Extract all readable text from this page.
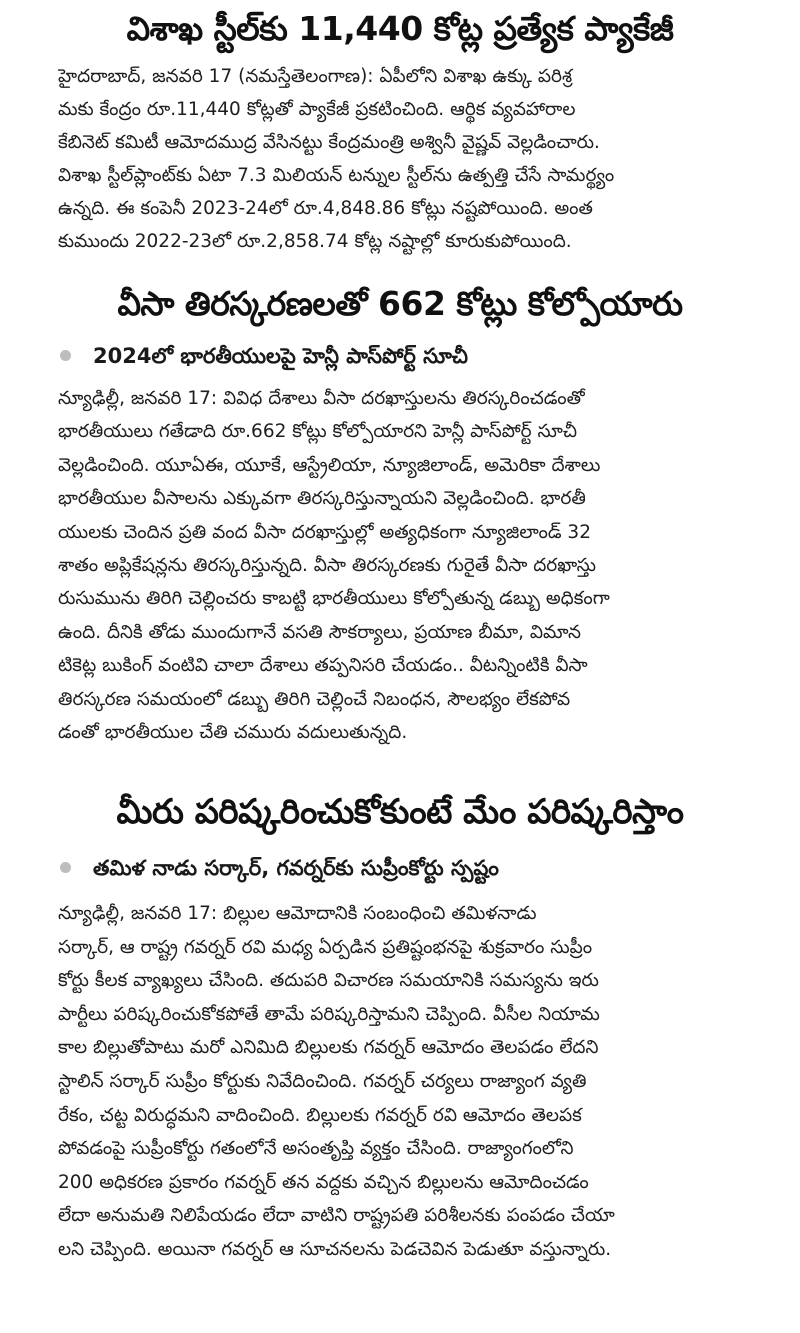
విశాఖ స్టీల్‌కు 11,440 కోట్ల ప్రత్యేక ప్యాకేజీ
హైదరాబాద్, జనవరి 17 (నమస్తేతెలంగాణ): ఏపీలోని విశాఖ ఉక్కు పరిశ్ర
మకు కేంద్రం రూ.11,440 కోట్లతో ప్యాకేజీ ప్రకటించింది. ఆర్థిక వ్యవహారాల
కేబినెట్ కమిటీ ఆమోదముద్ర వేసినట్టు కేంద్రమంత్రి అశ్వినీ వైష్ణవ్ వెల్లడించారు.
విశాఖ స్టీల్‌ప్లాంట్‌కు ఏటా 7.3 మిలియన్ టన్నుల స్టీల్‌ను ఉత్పత్తి చేసే సామర్థ్యం
ఉన్నది. ఈ కంపెనీ 2023-24లో రూ.4,848.86 కోట్లు నష్టపోయింది. అంత
కుముందు 2022-23లో రూ.2,858.74 కోట్ల నష్టాల్లో కూరుకుపోయింది.
వీసా తిరస్కరణలతో 662 కోట్లు కోల్పోయారు
2024లో భారతీయులపై హెన్లీ పాస్‌పోర్ట్ సూచీ
న్యూఢిల్లీ, జనవరి 17: వివిధ దేశాలు వీసా దరఖాస్తులను తిరస్కరించడంతో
భారతీయులు గతేడాది రూ.662 కోట్లు కోల్పోయారని హెన్లీ పాస్‌పోర్ట్ సూచీ
వెల్లడించింది. యూఏఈ, యూకే, ఆస్ట్రేలియా, న్యూజిలాండ్, అమెరికా దేశాలు
భారతీయుల వీసాలను ఎక్కువగా తిరస్కరిస్తున్నాయని వెల్లడించింది. భారతీ
యులకు చెందిన ప్రతి వంద వీసా దరఖాస్తుల్లో అత్యధికంగా న్యూజిలాండ్ 32
శాతం అప్లికేషన్లను తిరస్కరిస్తున్నది. వీసా తిరస్కరణకు గురైతే వీసా దరఖాస్తు
రుసుమును తిరిగి చెల్లించరు కాబట్టి భారతీయులు కోల్పోతున్న డబ్బు అధికంగా
ఉంది. దీనికి తోడు ముందుగానే వసతి సౌకర్యాలు, ప్రయాణ బీమా, విమాన
టికెట్ల బుకింగ్ వంటివి చాలా దేశాలు తప్పనిసరి చేయడం.. వీటన్నింటికి వీసా
తిరస్కరణ సమయంలో డబ్బు తిరిగి చెల్లించే నిబంధన, సౌలభ్యం లేకపోవ
డంతో భారతీయుల చేతి చమురు వదులుతున్నది.
మీరు పరిష్కరించుకోకుంటే మేం పరిష్కరిస్తాం
తమిళ నాడు సర్కార్, గవర్నర్‌కు సుప్రీంకోర్టు స్పష్టం
న్యూఢిల్లీ, జనవరి 17: బిల్లుల ఆమోదానికి సంబంధించి తమిళనాడు
సర్కార్, ఆ రాష్ట్ర గవర్నర్ రవి మధ్య ఏర్పడిన ప్రతిష్టంభనపై శుక్రవారం సుప్రీం
కోర్టు కీలక వ్యాఖ్యలు చేసింది. తదుపరి విచారణ సమయానికి సమస్యను ఇరు
పార్టీలు పరిష్కరించుకోకపోతే తామే పరిష్కరిస్తామని చెప్పింది. వీసీల నియామ
కాల బిల్లుతోపాటు మరో ఎనిమిది బిల్లులకు గవర్నర్ ఆమోదం తెలపడం లేదని
స్టాలిన్ సర్కార్ సుప్రీం కోర్టుకు నివేదించింది. గవర్నర్ చర్యలు రాజ్యాంగ వ్యతి
రేకం, చట్ట విరుద్ధమని వాదించింది. బిల్లులకు గవర్నర్ రవి ఆమోదం తెలపక
పోవడంపై సుప్రీంకోర్టు గతంలోనే అసంతృప్తి వ్యక్తం చేసింది. రాజ్యాంగంలోని
200 అధికరణ ప్రకారం గవర్నర్ తన వద్దకు వచ్చిన బిల్లులను ఆమోదించడం
లేదా అనుమతి నిలిపేయడం లేదా వాటిని రాష్ట్రపతి పరిశీలనకు పంపడం చేయా
లని చెప్పింది. అయినా గవర్నర్ ఆ సూచనలను పెడచెవిన పెడుతూ వస్తున్నారు.
